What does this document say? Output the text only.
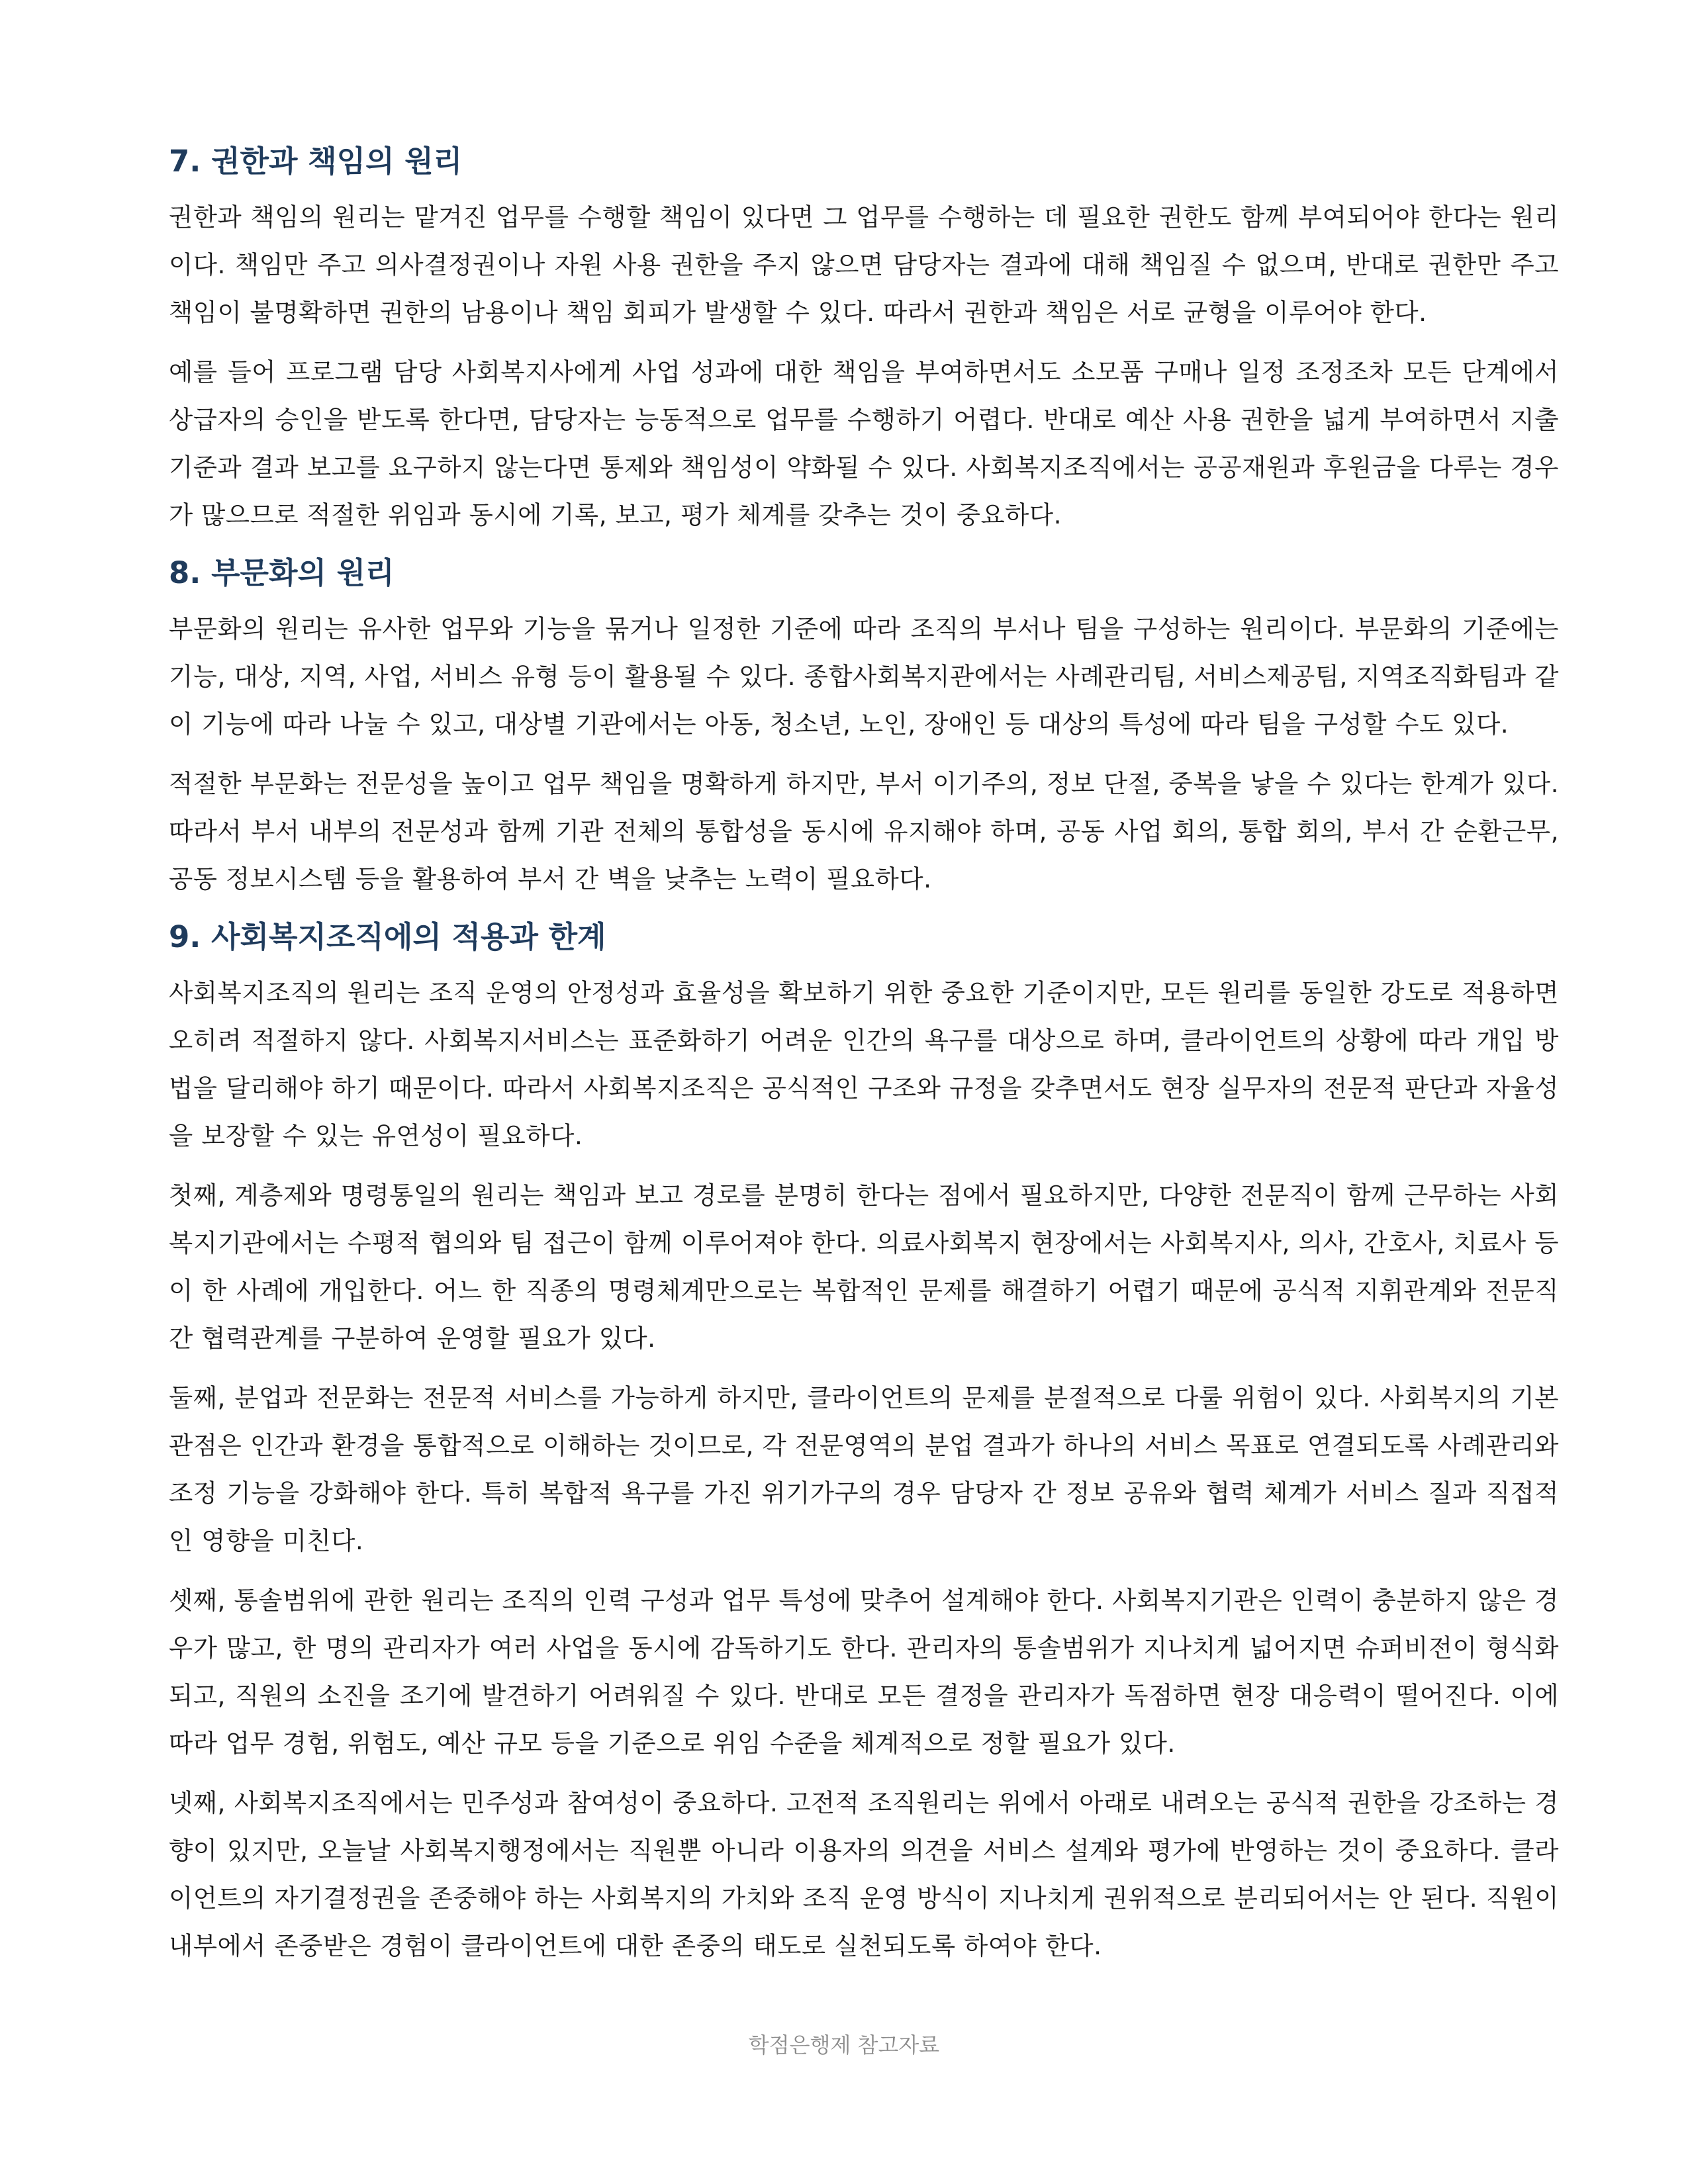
7. 권한과 책임의 원리

권한과 책임의 원리는 맡겨진 업무를 수행할 책임이 있다면 그 업무를 수행하는 데 필요한 권한도 함께 부여되어야 한다는 원리이다. 책임만 주고 의사결정권이나 자원 사용 권한을 주지 않으면 담당자는 결과에 대해 책임질 수 없으며, 반대로 권한만 주고 책임이 불명확하면 권한의 남용이나 책임 회피가 발생할 수 있다. 따라서 권한과 책임은 서로 균형을 이루어야 한다.

예를 들어 프로그램 담당 사회복지사에게 사업 성과에 대한 책임을 부여하면서도 소모품 구매나 일정 조정조차 모든 단계에서 상급자의 승인을 받도록 한다면, 담당자는 능동적으로 업무를 수행하기 어렵다. 반대로 예산 사용 권한을 넓게 부여하면서 지출 기준과 결과 보고를 요구하지 않는다면 통제와 책임성이 약화될 수 있다. 사회복지조직에서는 공공재원과 후원금을 다루는 경우가 많으므로 적절한 위임과 동시에 기록, 보고, 평가 체계를 갖추는 것이 중요하다.

8. 부문화의 원리

부문화의 원리는 유사한 업무와 기능을 묶거나 일정한 기준에 따라 조직의 부서나 팀을 구성하는 원리이다. 부문화의 기준에는 기능, 대상, 지역, 사업, 서비스 유형 등이 활용될 수 있다. 종합사회복지관에서는 사례관리팀, 서비스제공팀, 지역조직화팀과 같이 기능에 따라 나눌 수 있고, 대상별 기관에서는 아동, 청소년, 노인, 장애인 등 대상의 특성에 따라 팀을 구성할 수도 있다.

적절한 부문화는 전문성을 높이고 업무 책임을 명확하게 하지만, 부서 이기주의, 정보 단절, 중복을 낳을 수 있다는 한계가 있다. 따라서 부서 내부의 전문성과 함께 기관 전체의 통합성을 동시에 유지해야 하며, 공동 사업 회의, 통합 회의, 부서 간 순환근무, 공동 정보시스템 등을 활용하여 부서 간 벽을 낮추는 노력이 필요하다.

9. 사회복지조직에의 적용과 한계

사회복지조직의 원리는 조직 운영의 안정성과 효율성을 확보하기 위한 중요한 기준이지만, 모든 원리를 동일한 강도로 적용하면 오히려 적절하지 않다. 사회복지서비스는 표준화하기 어려운 인간의 욕구를 대상으로 하며, 클라이언트의 상황에 따라 개입 방법을 달리해야 하기 때문이다. 따라서 사회복지조직은 공식적인 구조와 규정을 갖추면서도 현장 실무자의 전문적 판단과 자율성을 보장할 수 있는 유연성이 필요하다.

첫째, 계층제와 명령통일의 원리는 책임과 보고 경로를 분명히 한다는 점에서 필요하지만, 다양한 전문직이 함께 근무하는 사회복지기관에서는 수평적 협의와 팀 접근이 함께 이루어져야 한다. 의료사회복지 현장에서는 사회복지사, 의사, 간호사, 치료사 등이 한 사례에 개입한다. 어느 한 직종의 명령체계만으로는 복합적인 문제를 해결하기 어렵기 때문에 공식적 지휘관계와 전문직 간 협력관계를 구분하여 운영할 필요가 있다.

둘째, 분업과 전문화는 전문적 서비스를 가능하게 하지만, 클라이언트의 문제를 분절적으로 다룰 위험이 있다. 사회복지의 기본 관점은 인간과 환경을 통합적으로 이해하는 것이므로, 각 전문영역의 분업 결과가 하나의 서비스 목표로 연결되도록 사례관리와 조정 기능을 강화해야 한다. 특히 복합적 욕구를 가진 위기가구의 경우 담당자 간 정보 공유와 협력 체계가 서비스 질과 직접적인 영향을 미친다.

셋째, 통솔범위에 관한 원리는 조직의 인력 구성과 업무 특성에 맞추어 설계해야 한다. 사회복지기관은 인력이 충분하지 않은 경우가 많고, 한 명의 관리자가 여러 사업을 동시에 감독하기도 한다. 관리자의 통솔범위가 지나치게 넓어지면 슈퍼비전이 형식화되고, 직원의 소진을 조기에 발견하기 어려워질 수 있다. 반대로 모든 결정을 관리자가 독점하면 현장 대응력이 떨어진다. 이에 따라 업무 경험, 위험도, 예산 규모 등을 기준으로 위임 수준을 체계적으로 정할 필요가 있다.

넷째, 사회복지조직에서는 민주성과 참여성이 중요하다. 고전적 조직원리는 위에서 아래로 내려오는 공식적 권한을 강조하는 경향이 있지만, 오늘날 사회복지행정에서는 직원뿐 아니라 이용자의 의견을 서비스 설계와 평가에 반영하는 것이 중요하다. 클라이언트의 자기결정권을 존중해야 하는 사회복지의 가치와 조직 운영 방식이 지나치게 권위적으로 분리되어서는 안 된다. 직원이 내부에서 존중받은 경험이 클라이언트에 대한 존중의 태도로 실천되도록 하여야 한다.

학점은행제 참고자료
